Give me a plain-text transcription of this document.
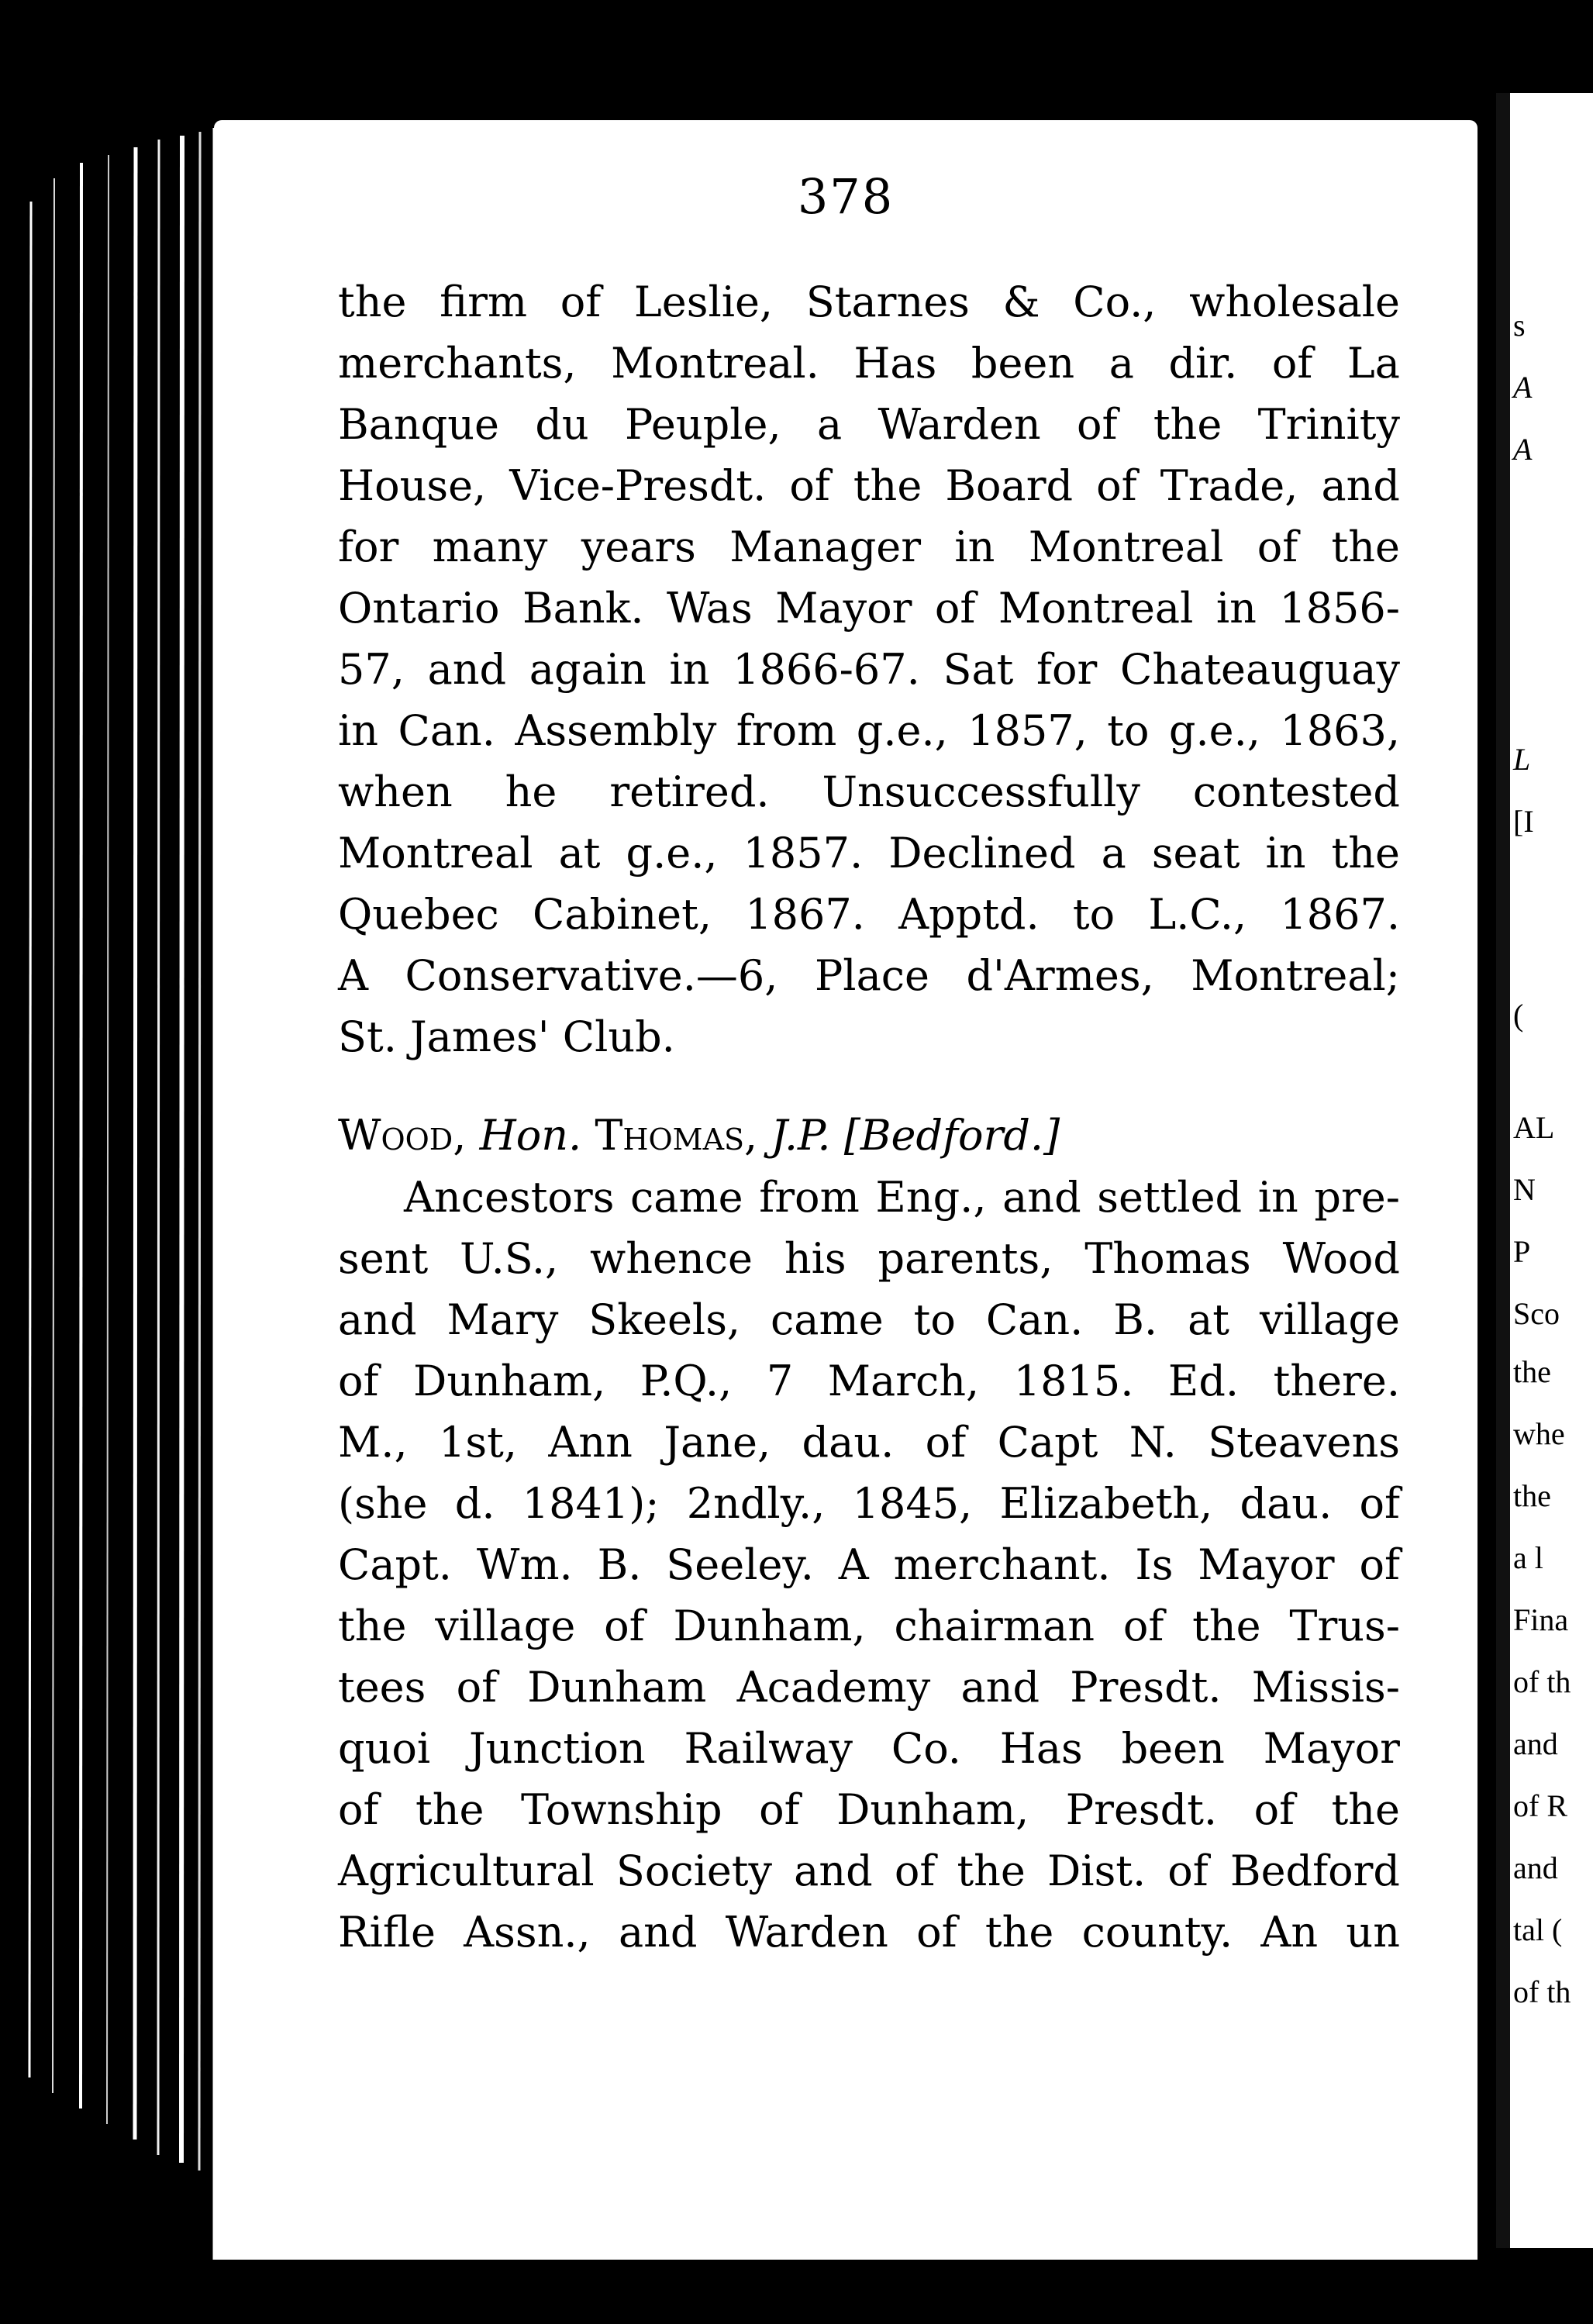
378
the firm of Leslie, Starnes & Co., wholesale
merchants, Montreal. Has been a dir. of La
Banque du Peuple, a Warden of the Trinity
House, Vice-Presdt. of the Board of Trade, and
for many years Manager in Montreal of the
Ontario Bank. Was Mayor of Montreal in 1856-
57, and again in 1866-67. Sat for Chateauguay
in Can. Assembly from g.e., 1857, to g.e., 1863,
when he retired. Unsuccessfully contested
Montreal at g.e., 1857. Declined a seat in the
Quebec Cabinet, 1867. Apptd. to L.C., 1867.
A Conservative.—6, Place d'Armes, Montreal;
St. James' Club.
Wood, Hon. Thomas, J.P. [Bedford.]
Ancestors came from Eng., and settled in pre-
sent U.S., whence his parents, Thomas Wood
and Mary Skeels, came to Can. B. at village
of Dunham, P.Q., 7 March, 1815. Ed. there.
M., 1st, Ann Jane, dau. of Capt N. Steavens
(she d. 1841); 2ndly., 1845, Elizabeth, dau. of
Capt. Wm. B. Seeley. A merchant. Is Mayor of
the village of Dunham, chairman of the Trus-
tees of Dunham Academy and Presdt. Missis-
quoi Junction Railway Co. Has been Mayor
of the Township of Dunham, Presdt. of the
Agricultural Society and of the Dist. of Bedford
Rifle Assn., and Warden of the county. An un
s
A
A
L
[I
(
AL
N
P
Sco
the
whe
the
a l
Fina
of th
and
of R
and
tal (
of th
